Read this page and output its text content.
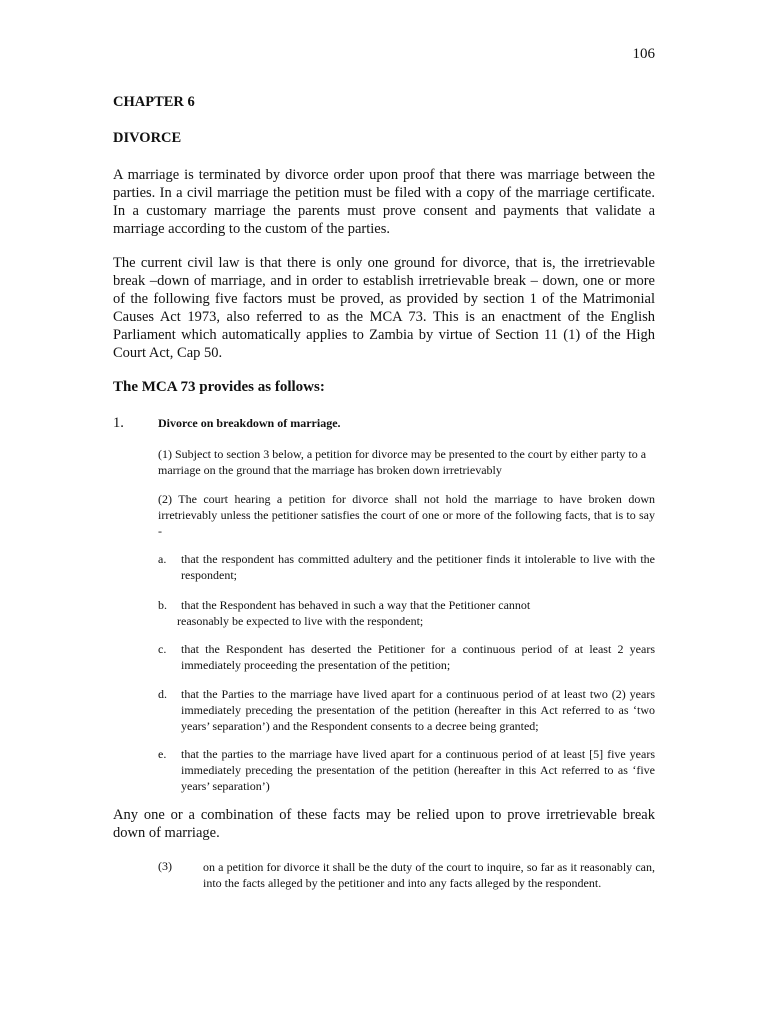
106
CHAPTER 6
DIVORCE

A marriage is terminated by divorce order upon proof that there was marriage between the parties. In a civil marriage the petition must be filed with a copy of the marriage certificate. In a customary marriage the parents must prove consent and payments that validate a marriage according to the custom of the parties.

The current civil law is that there is only one ground for divorce, that is, the irretrievable break –down of marriage, and in order to establish irretrievable break – down, one or more of the following five factors must be proved, as provided by section 1 of the Matrimonial Causes Act 1973, also referred to as the MCA 73. This is an enactment of the English Parliament which automatically applies to Zambia by virtue of Section 11 (1) of the High Court Act, Cap 50.

The MCA 73 provides as follows:
1.	Divorce on breakdown of marriage.

(1) Subject to section 3 below, a petition for divorce may be presented to the court by either party to a marriage on the ground that the marriage has broken down irretrievably

(2) The court hearing a petition for divorce shall not hold the marriage to have broken down irretrievably unless the petitioner satisfies the court of one or more of the following facts, that is to say -

a. that the respondent has committed adultery and the petitioner finds it intolerable to live with the respondent;

b. that the Respondent has behaved in such a way that the Petitioner cannot
reasonably be expected to live with the respondent;
c. that the Respondent has deserted the Petitioner for a continuous period of at least 2 years immediately proceeding the presentation of the petition;

d. that the Parties to the marriage have lived apart for a continuous period of at least two (2) years immediately preceding the presentation of the petition (hereafter in this Act referred to as ‘two years’ separation’) and the Respondent consents to a decree being granted;

e. that the parties to the marriage have lived apart for a continuous period of at least [5] five years immediately preceding the presentation of the petition (hereafter in this Act referred to as ‘five years’ separation’)

Any one or a combination of these facts may be relied upon to prove irretrievable break down of marriage.

(3)	on a petition for divorce it shall be the duty of the court to inquire, so far as it reasonably can, into the facts alleged by the petitioner and into any facts alleged by the respondent.
